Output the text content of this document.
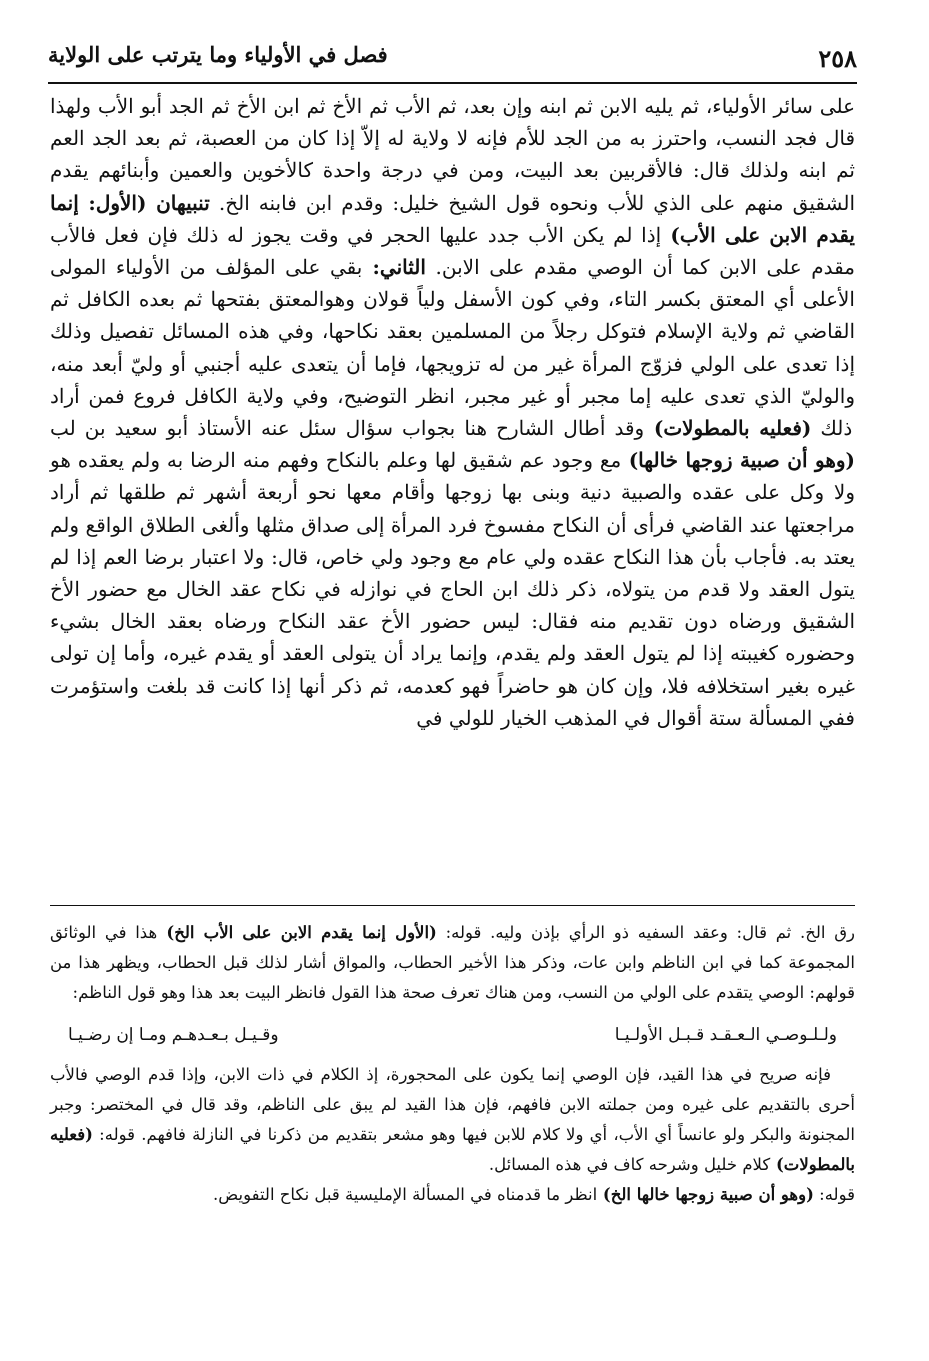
٢٥٨
فصل في الأولياء وما يترتب على الولاية

على سائر الأولياء، ثم يليه الابن ثم ابنه وإن بعد، ثم الأب ثم الأخ ثم ابن الأخ ثم الجد أبو الأب ولهذا قال فجد النسب، واحترز به من الجد للأم فإنه لا ولاية له إلاّ إذا كان من العصبة، ثم بعد الجد العم ثم ابنه ولذلك قال: فالأقربين بعد البيت، ومن في درجة واحدة كالأخوين والعمين وأبنائهم يقدم الشقيق منهم على الذي للأب ونحوه قول الشيخ خليل: وقدم ابن فابنه الخ. تنبيهان (الأول: إنما يقدم الابن على الأب) إذا لم يكن الأب جدد عليها الحجر في وقت يجوز له ذلك فإن فعل فالأب مقدم على الابن كما أن الوصي مقدم على الابن. الثاني: بقي على المؤلف من الأولياء المولى الأعلى أي المعتق بكسر التاء، وفي كون الأسفل ولياً قولان وهوالمعتق بفتحها ثم بعده الكافل ثم القاضي ثم ولاية الإسلام فتوكل رجلاً من المسلمين بعقد نكاحها، وفي هذه المسائل تفصيل وذلك إذا تعدى على الولي فزوّج المرأة غير من له تزويجها، فإما أن يتعدى عليه أجنبي أو وليّ أبعد منه، والوليّ الذي تعدى عليه إما مجبر أو غير مجبر، انظر التوضيح، وفي ولاية الكافل فروع فمن أراد ذلك (فعليه بالمطولات) وقد أطال الشارح هنا بجواب سؤال سئل عنه الأستاذ أبو سعيد بن لب (وهو أن صبية زوجها خالها) مع وجود عم شقيق لها وعلم بالنكاح وفهم منه الرضا به ولم يعقده هو ولا وكل على عقده والصبية دنية وبنى بها زوجها وأقام معها نحو أربعة أشهر ثم طلقها ثم أراد مراجعتها عند القاضي فرأى أن النكاح مفسوخ فرد المرأة إلى صداق مثلها وألغى الطلاق الواقع ولم يعتد به. فأجاب بأن هذا النكاح عقده ولي عام مع وجود ولي خاص، قال: ولا اعتبار برضا العم إذا لم يتول العقد ولا قدم من يتولاه، ذكر ذلك ابن الحاج في نوازله في نكاح عقد الخال مع حضور الأخ الشقيق ورضاه دون تقديم منه فقال: ليس حضور الأخ عقد النكاح ورضاه بعقد الخال بشيء وحضوره كغيبته إذا لم يتول العقد ولم يقدم، وإنما يراد أن يتولى العقد أو يقدم غيره، وأما إن تولى غيره بغير استخلافه فلا، وإن كان هو حاضراً فهو كعدمه، ثم ذكر أنها إذا كانت قد بلغت واستؤمرت ففي المسألة ستة أقوال في المذهب الخيار للولي في

رق الخ. ثم قال: وعقد السفيه ذو الرأي بإذن وليه. قوله: (الأول إنما يقدم الابن على الأب الخ) هذا في الوثائق المجموعة كما في ابن الناظم وابن عات، وذكر هذا الأخير الحطاب، والمواق أشار لذلك قبل الحطاب، ويظهر هذا من قولهم: الوصي يتقدم على الولي من النسب، ومن هناك تعرف صحة هذا القول فانظر البيت بعد هذا وهو قول الناظم:

ولـلـوصـي الـعـقـد قـبـل الأولـيـا
وقـيـل بـعـدهـم ومـا إن رضـيـا

فإنه صريح في هذا القيد، فإن الوصي إنما يكون على المحجورة، إذ الكلام في ذات الابن، وإذا قدم الوصي فالأب أحرى بالتقديم على غيره ومن جملته الابن فافهم، فإن هذا القيد لم يبق على الناظم، وقد قال في المختصر: وجبر المجنونة والبكر ولو عانساً أي الأب، أي ولا كلام للابن فيها وهو مشعر بتقديم من ذكرنا في النازلة فافهم. قوله: (فعليه بالمطولات) كلام خليل وشرحه كاف في هذه المسائل.

قوله: (وهو أن صبية زوجها خالها الخ) انظر ما قدمناه في المسألة الإمليسية قبل نكاح التفويض.
